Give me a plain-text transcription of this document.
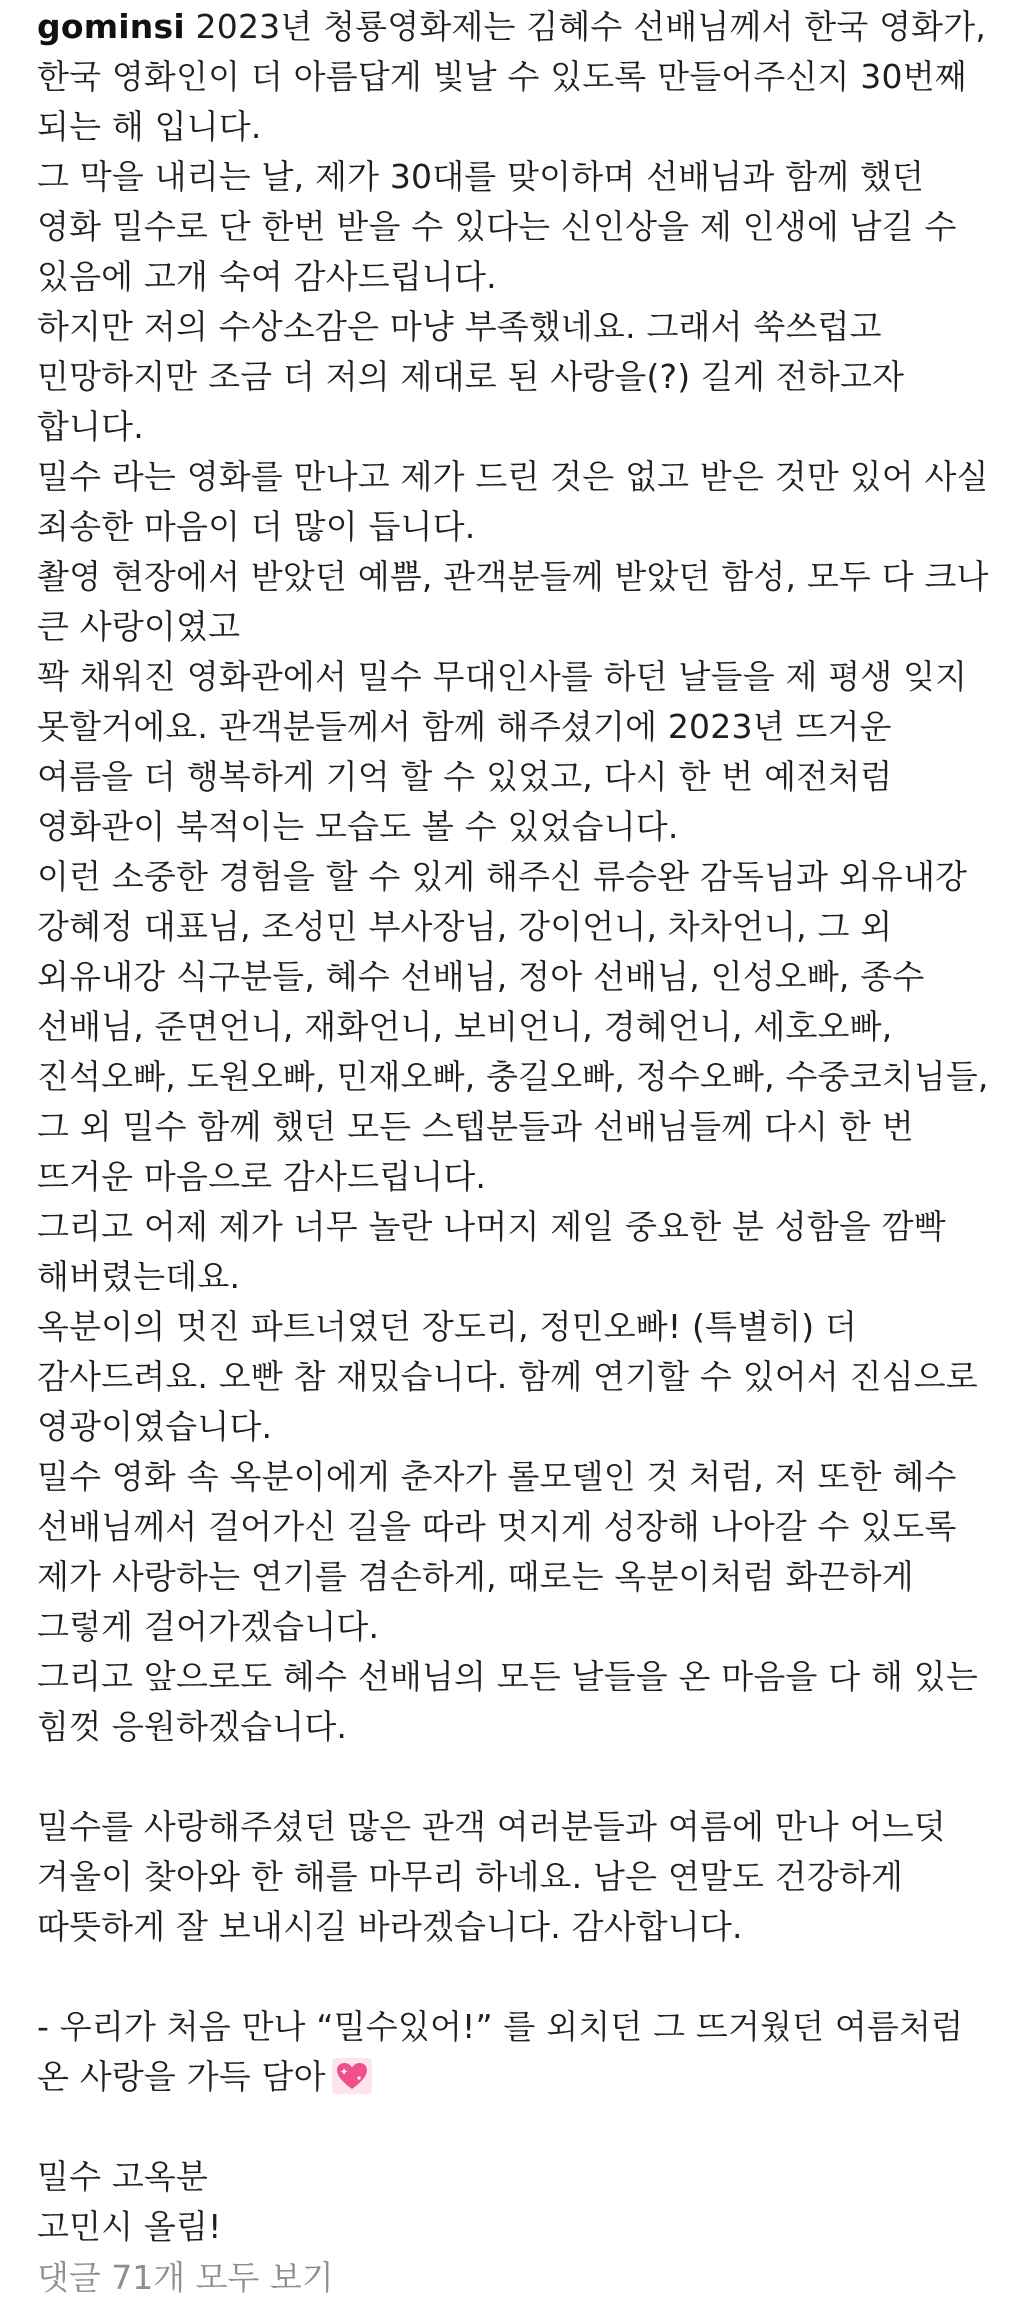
gominsi 2023년 청룡영화제는 김혜수 선배님께서 한국 영화가, 한국 영화인이 더 아름답게 빛날 수 있도록 만들어주신지 30번째 되는 해 입니다.
그 막을 내리는 날, 제가 30대를 맞이하며 선배님과 함께 했던 영화 밀수로 단 한번 받을 수 있다는 신인상을 제 인생에 남길 수 있음에 고개 숙여 감사드립니다.
하지만 저의 수상소감은 마냥 부족했네요. 그래서 쑥쓰럽고 민망하지만 조금 더 저의 제대로 된 사랑을(?) 길게 전하고자 합니다.
밀수 라는 영화를 만나고 제가 드린 것은 없고 받은 것만 있어 사실 죄송한 마음이 더 많이 듭니다.
촬영 현장에서 받았던 예쁨, 관객분들께 받았던 함성, 모두 다 크나 큰 사랑이였고
꽉 채워진 영화관에서 밀수 무대인사를 하던 날들을 제 평생 잊지 못할거에요. 관객분들께서 함께 해주셨기에 2023년 뜨거운 여름을 더 행복하게 기억 할 수 있었고, 다시 한 번 예전처럼 영화관이 북적이는 모습도 볼 수 있었습니다.
이런 소중한 경험을 할 수 있게 해주신 류승완 감독님과 외유내강 강혜정 대표님, 조성민 부사장님, 강이언니, 차차언니, 그 외 외유내강 식구분들, 혜수 선배님, 정아 선배님, 인성오빠, 종수 선배님, 준면언니, 재화언니, 보비언니, 경혜언니, 세호오빠, 진석오빠, 도원오빠, 민재오빠, 충길오빠, 정수오빠, 수중코치님들, 그 외 밀수 함께 했던 모든 스텝분들과 선배님들께 다시 한 번 뜨거운 마음으로 감사드립니다.
그리고 어제 제가 너무 놀란 나머지 제일 중요한 분 성함을 깜빡 해버렸는데요.
옥분이의 멋진 파트너였던 장도리, 정민오빠! (특별히) 더 감사드려요. 오빤 참 재밌습니다. 함께 연기할 수 있어서 진심으로 영광이였습니다.
밀수 영화 속 옥분이에게 춘자가 롤모델인 것 처럼, 저 또한 혜수 선배님께서 걸어가신 길을 따라 멋지게 성장해 나아갈 수 있도록 제가 사랑하는 연기를 겸손하게, 때로는 옥분이처럼 화끈하게 그렇게 걸어가겠습니다.
그리고 앞으로도 혜수 선배님의 모든 날들을 온 마음을 다 해 있는 힘껏 응원하겠습니다.

밀수를 사랑해주셨던 많은 관객 여러분들과 여름에 만나 어느덧 겨울이 찾아와 한 해를 마무리 하네요. 남은 연말도 건강하게 따뜻하게 잘 보내시길 바라겠습니다. 감사합니다.

- 우리가 처음 만나 “밀수있어!” 를 외치던 그 뜨거웠던 여름처럼 온 사랑을 가득 담아

밀수 고옥분
고민시 올림!

댓글 71개 모두 보기
